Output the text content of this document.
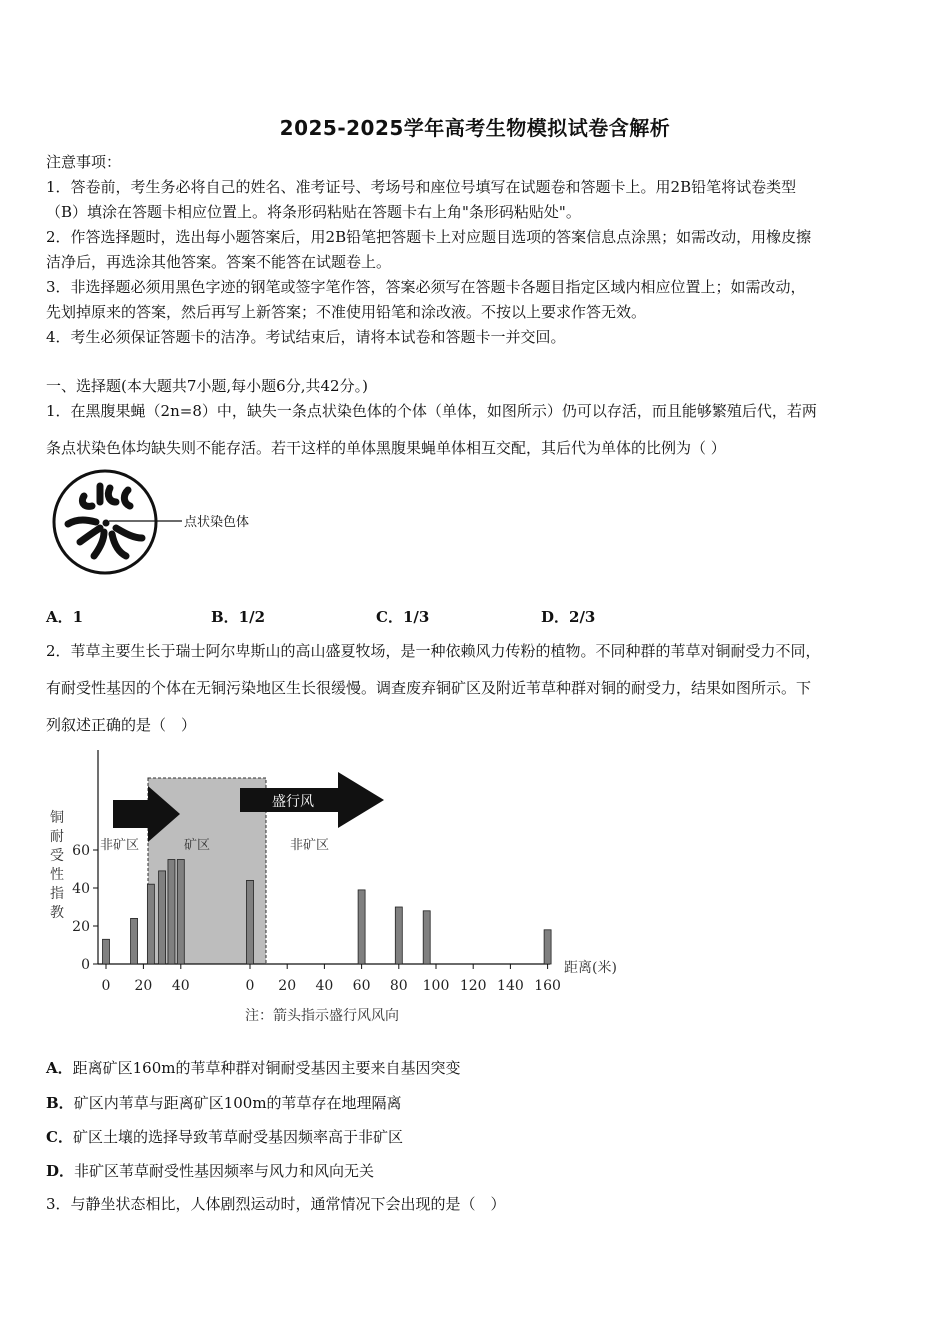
2025-2025学年高考生物模拟试卷含解析
注意事项：
1．答卷前，考生务必将自己的姓名、准考证号、考场号和座位号填写在试题卷和答题卡上。用2B铅笔将试卷类型
（B）填涂在答题卡相应位置上。将条形码粘贴在答题卡右上角"条形码粘贴处"。
2．作答选择题时，选出每小题答案后，用2B铅笔把答题卡上对应题目选项的答案信息点涂黑；如需改动，用橡皮擦
洁净后，再选涂其他答案。答案不能答在试题卷上。
3．非选择题必须用黑色字迹的钢笔或签字笔作答，答案必须写在答题卡各题目指定区域内相应位置上；如需改动，
先划掉原来的答案，然后再写上新答案；不准使用铅笔和涂改液。不按以上要求作答无效。
4．考生必须保证答题卡的洁净。考试结束后，请将本试卷和答题卡一并交回。
一、选择题(本大题共7小题,每小题6分,共42分。)
1．在黑腹果蝇（2n=8）中，缺失一条点状染色体的个体（单体，如图所示）仍可以存活，而且能够繁殖后代，若两
条点状染色体均缺失则不能存活。若干这样的单体黑腹果蝇单体相互交配，其后代为单体的比例为（ ）
点状染色体
A．1	B．1/2	C．1/3	D．2/3
2．苇草主要生长于瑞士阿尔卑斯山的高山盛夏牧场，是一种依赖风力传粉的植物。不同种群的苇草对铜耐受力不同，
有耐受性基因的个体在无铜污染地区生长很缓慢。调查废弃铜矿区及附近苇草种群对铜的耐受力，结果如图所示。下
列叙述正确的是（　）
盛行风
非矿区	矿区	非矿区
铜
耐
受
性
指
教
0
20
40
60
0 20 40	0 20 40 60 80 100 120 140 160
距离(米)
注：箭头指示盛行风风向
A．距离矿区160m的苇草种群对铜耐受基因主要来自基因突变
B．矿区内苇草与距离矿区100m的苇草存在地理隔离
C．矿区土壤的选择导致苇草耐受基因频率高于非矿区
D．非矿区苇草耐受性基因频率与风力和风向无关
3．与静坐状态相比，人体剧烈运动时，通常情况下会出现的是（　）
